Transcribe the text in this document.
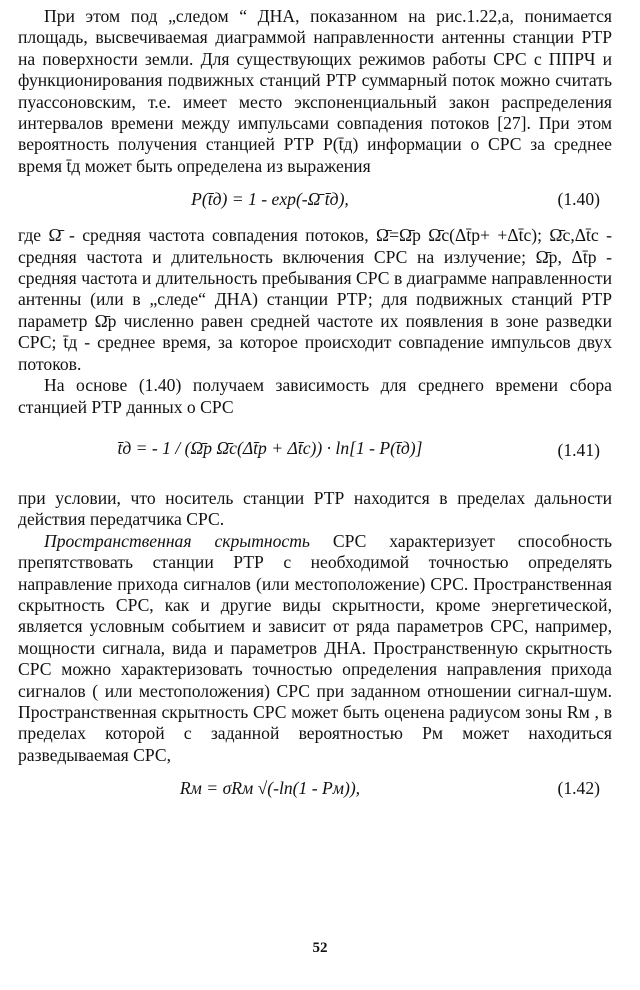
При этом под „следом “ ДНА, показанном на рис.1.22,а, понимается площадь, высвечиваемая диаграммой направленности антенны станции РТР на поверхности земли. Для существующих режимов работы СРС с ППРЧ и функционирования подвижных станций РТР суммарный поток можно считать пуассоновским, т.е. имеет место экспоненциальный закон распределения интервалов времени между импульсами совпадения потоков [27]. При этом вероятность получения станцией РТР P(t̄д) информации о СРС за среднее время t̄д может быть определена из выражения

P(t̄д) = 1 - exp(-Ω̄ t̄д),	(1.40)

где Ω̄ - средняя частота совпадения потоков, Ω̄=Ω̄р Ω̄с(Δt̄р+ +Δt̄с); Ω̄с,Δt̄с - средняя частота и длительность включения СРС на излучение; Ω̄р, Δt̄р - средняя частота и длительность пребывания СРС в диаграмме направленности антенны (или в „следе“ ДНА) станции РТР; для подвижных станций РТР параметр Ω̄р численно равен средней частоте их появления в зоне разведки СРС; t̄д - среднее время, за которое происходит совпадение импульсов двух потоков.

На основе (1.40) получаем зависимость для среднего времени сбора станцией РТР данных о СРС

t̄д = - 1 / (Ω̄р Ω̄с(Δt̄р + Δt̄с)) · ln[1 - P(t̄д)]	(1.41)

при условии, что носитель станции РТР находится в пределах дальности действия передатчика СРС.

Пространственная скрытность СРС характеризует способность препятствовать станции РТР с необходимой точностью определять направление прихода сигналов (или местоположение) СРС. Пространственная скрытность СРС, как и другие виды скрытности, кроме энергетической, является условным событием и зависит от ряда параметров СРС, например, мощности сигнала, вида и параметров ДНА. Пространственную скрытность СРС можно характеризовать точностью определения направления прихода сигналов ( или местоположения) СРС при заданном отношении сигнал-шум. Пространственная скрытность СРС может быть оценена радиусом зоны Rм , в пределах которой с заданной вероятностью Pм может находиться разведываемая СРС,

Rм = σRм √(-ln(1 - Pм)),	(1.42)
52
